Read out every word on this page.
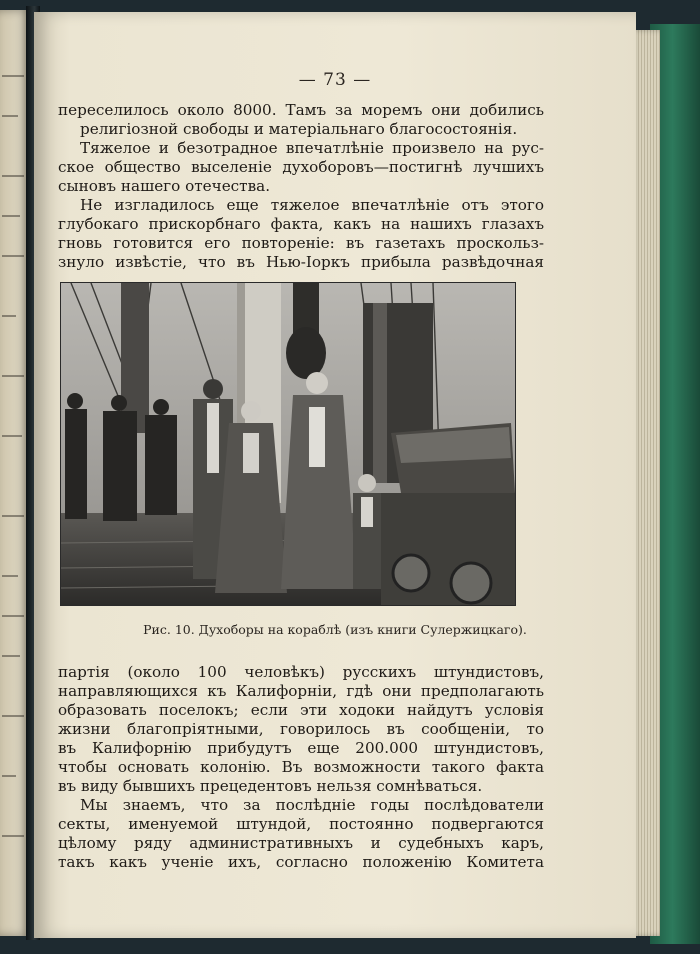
— 73 —
переселилось около 8000. Тамъ за моремъ они добились
религіозной свободы и матеріальнаго благосостоянія.
Тяжелое и безотрадное впечатлѣніе произвело на рус-
ское общество выселеніе духоборовъ—постигнѣ лучшихъ
сыновъ нашего отечества.
Не изгладилось еще тяжелое впечатлѣніе отъ этого
глубокаго прискорбнаго факта, какъ на нашихъ глазахъ
гновь готовится его повтореніе: въ газетахъ проскольз-
знуло извѣстіе, что въ Нью-Іоркъ прибыла развѣдочная
Рис. 10. Духоборы на кораблѣ (изъ книги Сулержицкаго).
партія (около 100 человѣкъ) русскихъ штундистовъ,
направляющихся къ Калифорніи, гдѣ они предполагають
образовать поселокъ; если эти ходоки найдутъ условія
жизни благопріятными, говорилось въ сообщеніи, то
въ Калифорнію прибудутъ еще 200.000 штундистовъ,
чтобы основать колонію. Въ возможности такого факта
въ виду бывшихъ прецедентовъ нельзя сомнѣваться.
Мы знаемъ, что за послѣдніе годы послѣдователи
секты, именуемой штундой, постоянно подвергаются
цѣлому ряду административныхъ и судебныхъ каръ,
такъ какъ ученіе ихъ, согласно положенію Комитета
